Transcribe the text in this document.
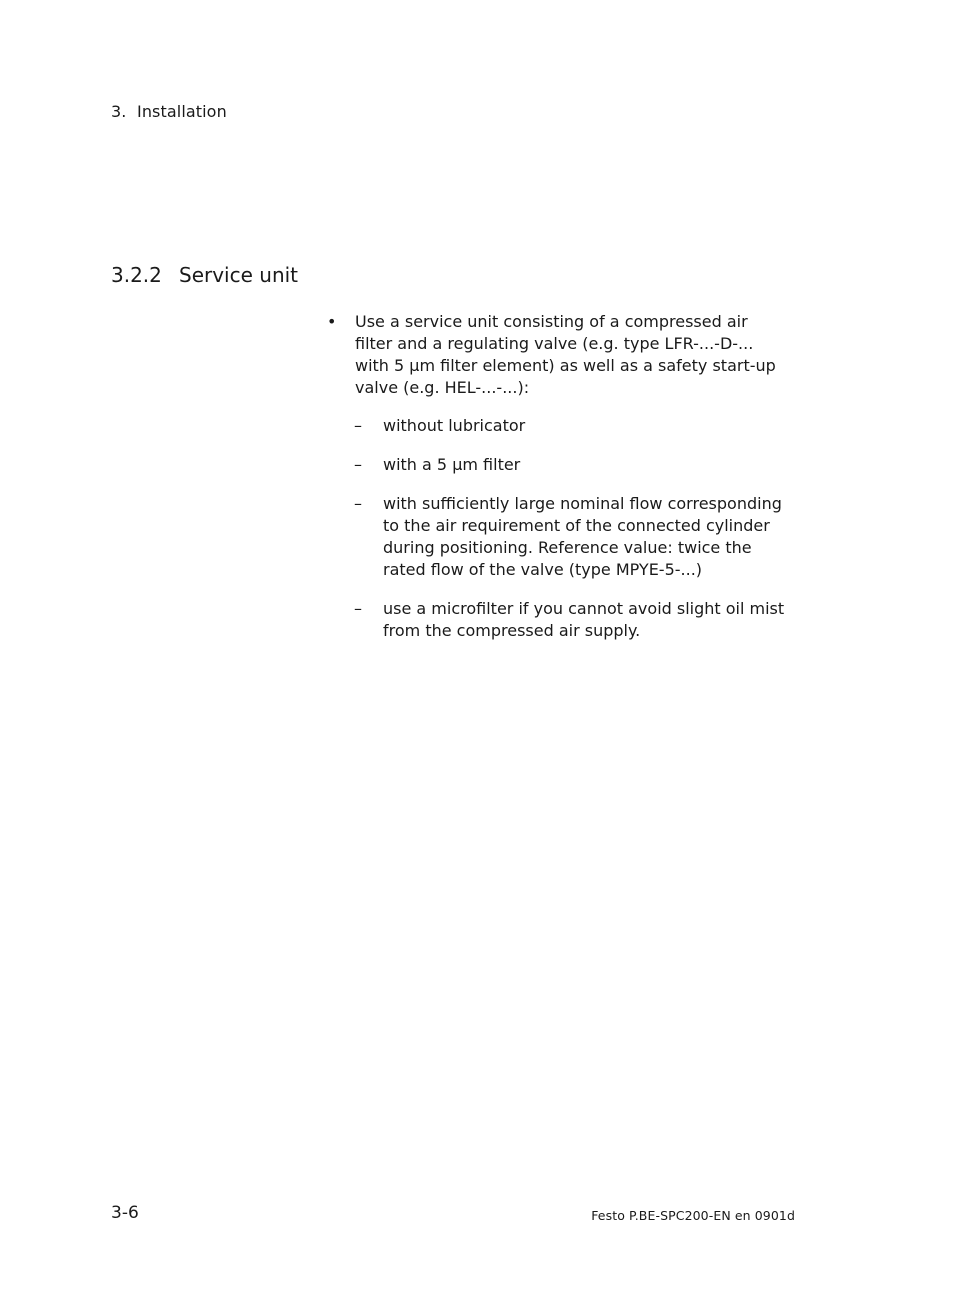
3. Installation
3.2.2 Service unit
•	Use a service unit consisting of a compressed air filter and a regulating valve (e.g. type LFR-...-D-... with 5 µm filter element) as well as a safety start-up valve (e.g. HEL-...-...):
–	without lubricator
–	with a 5 µm filter
–	with sufficiently large nominal flow corresponding to the air requirement of the connected cylinder during positioning. Reference value: twice the rated flow of the valve (type MPYE-5-...)
–	use a microfilter if you cannot avoid slight oil mist from the compressed air supply.
3-6	Festo P.BE-SPC200-EN en 0901d
